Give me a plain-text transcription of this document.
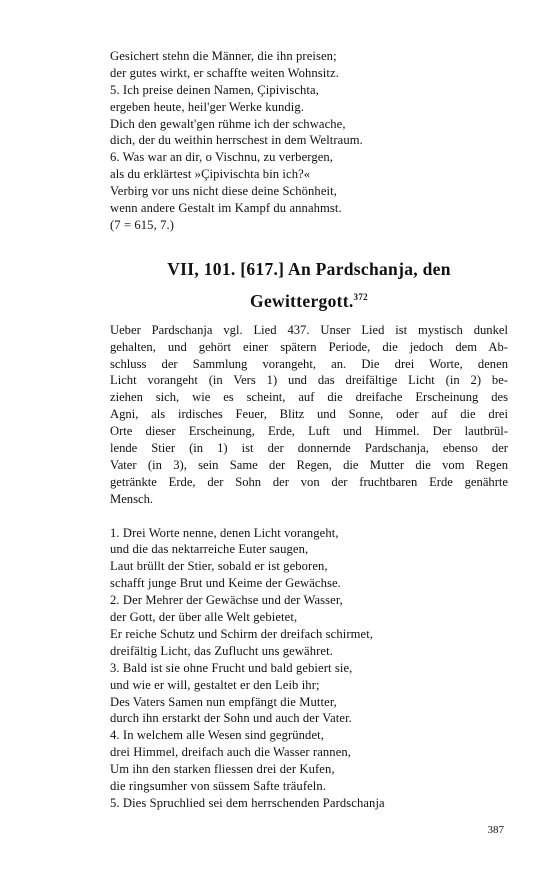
Gesichert stehn die Männer, die ihn preisen;
der gutes wirkt, er schaffte weiten Wohnsitz.
5. Ich preise deinen Namen, Çipivischta,
ergeben heute, heil'ger Werke kundig.
Dich den gewalt'gen rühme ich der schwache,
dich, der du weithin herrschest in dem Weltraum.
6. Was war an dir, o Vischnu, zu verbergen,
als du erklärtest »Çipivischta bin ich?«
Verbirg vor uns nicht diese deine Schönheit,
wenn andere Gestalt im Kampf du annahmst.
(7 = 615, 7.)
VII, 101. [617.] An Pardschanja, den
Gewittergott.$^{372}$
Ueber Pardschanja vgl. Lied 437. Unser Lied ist mystisch dunkel
gehalten, und gehört einer spätern Periode, die jedoch dem Ab-
schluss der Sammlung vorangeht, an. Die drei Worte, denen
Licht vorangeht (in Vers 1) und das dreifältige Licht (in 2) be-
ziehen sich, wie es scheint, auf die dreifache Erscheinung des
Agni, als irdisches Feuer, Blitz und Sonne, oder auf die drei
Orte dieser Erscheinung, Erde, Luft und Himmel. Der lautbrül-
lende Stier (in 1) ist der donnernde Pardschanja, ebenso der
Vater (in 3), sein Same der Regen, die Mutter die vom Regen
getränkte Erde, der Sohn der von der fruchtbaren Erde genährte
Mensch.
1. Drei Worte nenne, denen Licht vorangeht,
und die das nektarreiche Euter saugen,
Laut brüllt der Stier, sobald er ist geboren,
schafft junge Brut und Keime der Gewächse.
2. Der Mehrer der Gewächse und der Wasser,
der Gott, der über alle Welt gebietet,
Er reiche Schutz und Schirm der dreifach schirmet,
dreifältig Licht, das Zuflucht uns gewähret.
3. Bald ist sie ohne Frucht und bald gebiert sie,
und wie er will, gestaltet er den Leib ihr;
Des Vaters Samen nun empfängt die Mutter,
durch ihn erstarkt der Sohn und auch der Vater.
4. In welchem alle Wesen sind gegründet,
drei Himmel, dreifach auch die Wasser rannen,
Um ihn den starken fliessen drei der Kufen,
die ringsumher von süssem Safte träufeln.
5. Dies Spruchlied sei dem herrschenden Pardschanja
387
